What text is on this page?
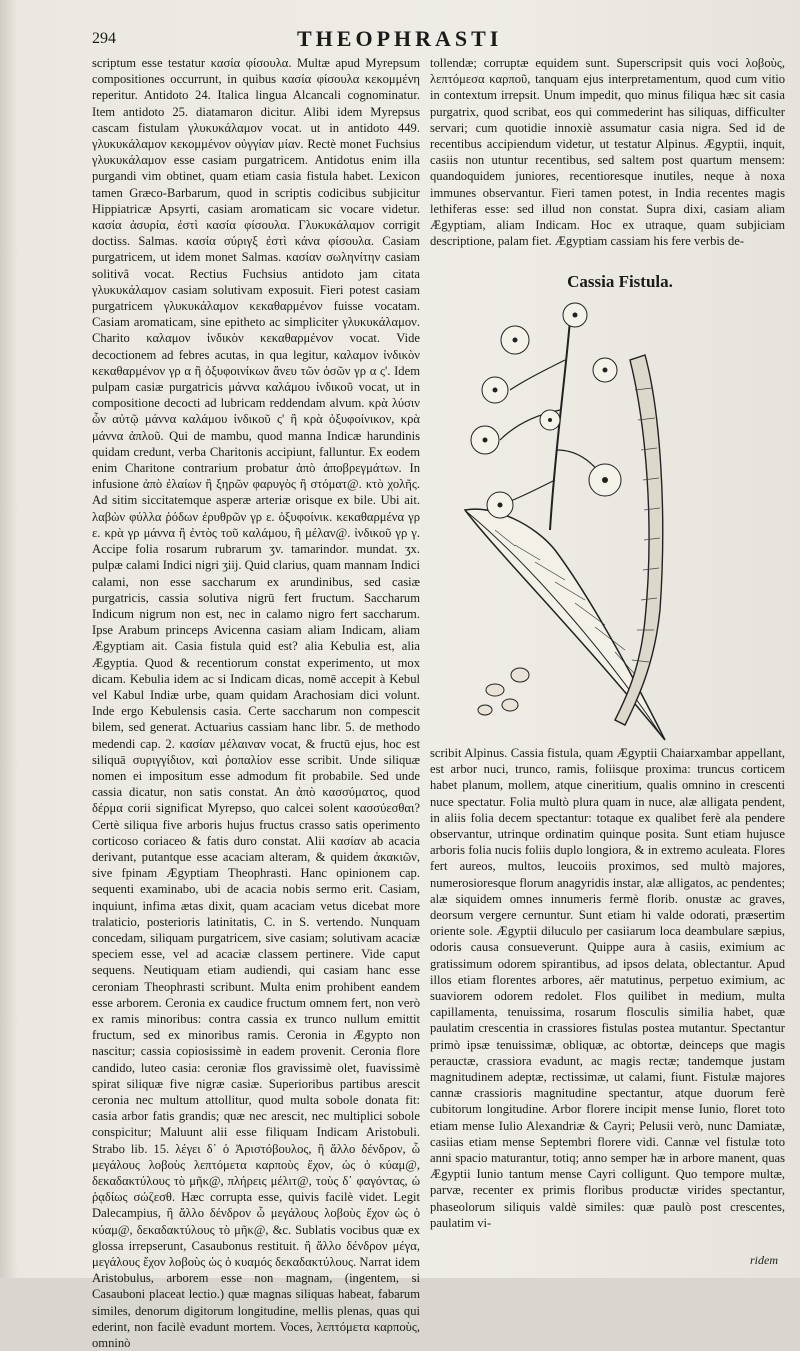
294	THEOPHRASTI

scriptum esse testatur κασία φίσουλα. Multæ apud Myrepsum compositiones occurrunt, in quibus κασία φίσουλα κεκομμένη reperitur. Antidoto 24. Italica lingua Alcancali cognominatur. Item antidoto 25. diatamaron dicitur. Alibi idem Myrepsus cascam fistulam γλυκυκάλαμον vocat. ut in antidoto 449. γλυκυκάλαμον κεκομμένον οὐγγίαν μίαν. Rectè monet Fuchsius γλυκυκάλαμον esse casiam purgatricem. Antidotus enim illa purgandi vim obtinet, quam etiam casia fistula habet. Lexicon tamen Græco-Barbarum, quod in scriptis codicibus subjicitur Hippiatricæ Apsyrti, casiam aromaticam sic vocare videtur. κασία ἀσυρία, ἐστὶ κασία φίσουλα. Γλυκυκάλαμον corrigit doctiss. Salmas. κασία σύριγξ ἐστὶ κάνα φίσουλα. Casiam purgatricem, ut idem monet Salmas. κασίαν σωληνίτην casiam solitivâ vocat. Rectius Fuchsius antidoto jam citata γλυκυκάλαμον casiam solutivam exposuit. Fieri potest casiam purgatricem γλυκυκάλαμον κεκαθαρμένον fuisse vocatam. Casiam aromaticam, sine epitheto ac simpliciter γλυκυκάλαμον. Charito καλαμον ἰνδικὸν κεκαθαρμένον vocat. Vide decoctionem ad febres acutas, in qua legitur, καλαμον ἰνδικὸν κεκαθαρμένον γρ α ἢ ὀξυφοινίκων ἄνευ τῶν ὀσῶν γρ α ς'. Idem pulpam casiæ purgatricis μάννα καλάμου ἰνδικοῦ vocat, ut in compositione decocti ad lubricam reddendam alvum. κρὰ λύσιν ὧν αὐτῷ μάννα καλάμου ἰνδικοῦ ς' ἢ κρὰ ὀξυφοίνικον, κρὰ μάννα ἀπλοῦ. Qui de mambu, quod manna Indicæ harundinis quidam credunt, verba Charitonis accipiunt, falluntur. Ex eodem enim Charitone contrarium probatur ἀπὸ ἀποβρεγμάτων. In infusione ἀπὸ ἐλαίων ἢ ξηρῶν φαρυγὸς ἢ στόματ@. κτὸ χολῆς. Ad sitim siccitatemque asperæ arteriæ orisque ex bile. Ubi ait. λαβὼν φύλλα ῥόδων ἐρυθρῶν γρ ε. ὀξυφοίνικ. κεκαθαρμένα γρ ε. κρὰ γρ μάννα ἢ ἐντὸς τοῦ καλάμου, ἢ μέλαν@. ἰνδικοῦ γρ γ. Accipe folia rosarum rubrarum ʒv. tamarindor. mundat. ʒx. pulpæ calami Indici nigri ʒiij. Quid clarius, quam mannam Indici calami, non esse saccharum ex arundinibus, sed casiæ purgatricis, cassia solutiva nigrū fert fructum. Saccharum Indicum nigrum non est, nec in calamo nigro fert saccharum. Ipse Arabum princeps Avicenna casiam aliam Indicam, aliam Ægyptiam ait. Casia fistula quid est? alia Kebulia est, alia Ægyptia. Quod & recentiorum constat experimento, ut mox dicam. Kebulia idem ac si Indicam dicas, nomē accepit à Kebul vel Kabul Indiæ urbe, quam quidam Arachosiam dici volunt. Inde ergo Kebulensis casia. Certe saccharum non compescit bilem, sed generat. Actuarius cassiam hanc libr. 5. de methodo medendi cap. 2. κασίαν μέλαιναν vocat, & fructū ejus, hoc est siliquā συριγγίδιον, καὶ ῥοπαλίον esse scribit. Unde siliquæ nomen ei impositum esse admodum fit probabile. Sed unde cassia dicatur, non satis constat. An ἀπὸ κασσύματος, quod δέρμα corii significat Myrepso, quo calcei solent κασσύεσθαι? Certè siliqua five arboris hujus fructus crasso satis operimento corticoso coriaceo & fatis duro constat. Alii κασίαν ab acacia derivant, putantque esse acaciam alteram, & quidem ἀκακιῶν, sive fpinam Ægyptiam Theophrasti. Hanc opinionem cap. sequenti examinabo, ubi de acacia nobis sermo erit. Casiam, inquiunt, infima ætas dixit, quam acaciam vetus dicebat more tralaticio, posterioris latinitatis, C. in S. vertendo. Nunquam concedam, siliquam purgatricem, sive casiam; solutivam acaciæ speciem esse, vel ad acaciæ classem pertinere. Vide caput sequens. Neutiquam etiam audiendi, qui casiam hanc esse ceroniam Theophrasti scribunt. Multa enim prohibent eandem esse arborem. Ceronia ex caudice fructum omnem fert, non verò ex ramis minoribus: contra cassia ex trunco nullum emittit fructum, sed ex minoribus ramis. Ceronia in Ægypto non nascitur; cassia copiosissimè in eadem provenit. Ceronia flore candido, luteo casia: ceroniæ flos gravissimè olet, fuavissimè spirat siliquæ five nigræ casiæ. Superioribus partibus arescit ceronia nec multum attollitur, quod multa sobole donata fit: casia arbor fatis grandis; quæ nec arescit, nec multiplici sobole conspicitur; Maluunt alii esse filiquam Indicam Aristobuli. Strabo lib. 15. λέγει δ᾽ ὁ Ἀριστόβουλος, ἢ ἄλλο δένδρον, ὧ μεγάλους λοβοὺς λεπτόμετα καρποὺς ἔχον, ὡς ὁ κύαμ@, δεκαδακτύλους τὸ μῆκ@, πλήρεις μέλιτ@, τοὺς δ᾽ φαγόντας, ὡ ῥᾳδίως σώζεσθ. Hæc corrupta esse, quivis facilè videt. Legit Dalecampius, ἢ ἄλλο δένδρον ὧ μεγάλους λοβοὺς ἔχον ὡς ὁ κύαμ@, δεκαδακτύλους τὸ μῆκ@, &c. Sublatis vocibus quæ ex glossa irrepserunt, Casaubonus restituit. ἢ ἄλλο δένδρον μέγα, μεγάλους ἔχον λοβοὺς ὡς ὁ κυαμός δεκαδακτύλους. Narrat idem Aristobulus, arborem esse non magnam, (ingentem, si Casauboni placeat lectio.) quæ magnas siliquas habeat, fabarum similes, denorum digitorum longitudine, mellis plenas, quas qui ederint, non facilè evadunt mortem. Voces, λεπτόμετα καρποὺς, omninò

tollendæ; corruptæ equidem sunt. Superscripsit quis voci λοβοὺς, λεπτόμεσα καρποῦ, tanquam ejus interpretamentum, quod cum vitio in contextum irrepsit. Unum impedit, quo minus filiqua hæc sit casia purgatrix, quod scribat, eos qui commederint has siliquas, difficulter servari; cum quotidie innoxiè assumatur casia nigra. Sed id de recentibus accipiendum videtur, ut testatur Alpinus. Ægyptii, inquit, casiis non utuntur recentibus, sed saltem post quartum mensem: quandoquidem juniores, recentioresque inutiles, neque à noxa immunes observantur. Fieri tamen potest, in India recentes magis lethiferas esse: sed illud non constat. Supra dixi, casiam aliam Ægyptiam, aliam Indicam. Hoc ex utraque, quam subjiciam descriptione, palam fiet. Ægyptiam cassiam his fere verbis de-

Cassia Fistula.

scribit Alpinus. Cassia fistula, quam Ægyptii Chaiarxambar appellant, est arbor nuci, trunco, ramis, foliisque proxima: truncus corticem habet planum, mollem, atque cineritium, qualis omnino in crescenti nuce spectatur. Folia multò plura quam in nuce, alæ alligata pendent, in aliis folia decem spectantur: totaque ex qualibet ferè ala pendere observantur, utrinque ordinatim quinque posita. Sunt etiam hujusce arboris folia nucis foliis duplo longiora, & in extremo aculeata. Flores fert aureos, multos, leucoiis proximos, sed multò majores, numerosioresque florum anagyridis instar, alæ alligatos, ac pendentes; alæ siquidem omnes innumeris fermè florib. onustæ ac graves, deorsum vergere cernuntur. Sunt etiam hi valde odorati, præsertim oriente sole. Ægyptii diluculo per casiiarum loca deambulare sæpius, odoris causa consueverunt. Quippe aura à casiis, eximium ac gratissimum odorem spirantibus, ad ipsos delata, oblectantur. Apud illos etiam florentes arbores, aër matutinus, perpetuo eximium, ac suaviorem odorem redolet. Flos quilibet in medium, multa capillamenta, tenuissima, rosarum flosculis similia habet, quæ paulatim crescentia in crassiores fistulas postea mutantur. Spectantur primò ipsæ tenuissimæ, obliquæ, ac obtortæ, deinceps que magis perauctæ, crassiora evadunt, ac magis rectæ; tandemque justam magnitudinem adeptæ, rectissimæ, ut calami, fiunt. Fistulæ majores cannæ crassioris magnitudine spectantur, atque duorum ferè cubitorum longitudine. Arbor florere incipit mense Iunio, floret toto etiam mense Iulio Alexandriæ & Cayri; Pelusii verò, nunc Damiatæ, casiias etiam mense Septembri florere vidi. Cannæ vel fistulæ toto anni spacio maturantur, totiq; anno semper hæ in arbore manent, quas Ægyptii Iunio tantum mense Cayri colligunt. Quo tempore multæ, parvæ, recenter ex primis floribus productæ virides spectantur, phaseolorum siliquis valdè similes: quæ paulò post crescentes, paulatim vi-

ridem
